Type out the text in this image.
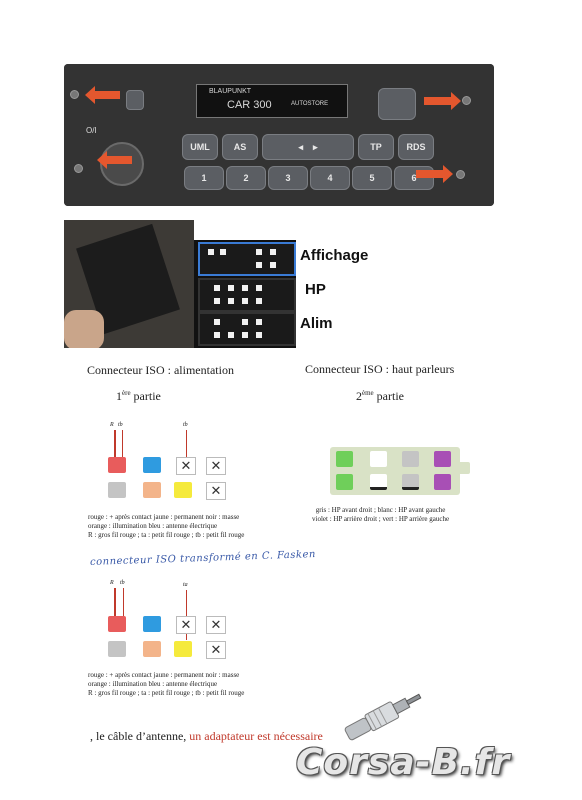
BLAUPUNKT
CAR 300	AUTOSTORE
O/I
UML	AS	◂    ▸	TP	RDS
1	2	3	4	5	6
Affichage
HP
Alim
Connecteur ISO : alimentation
1ère partie
Connecteur ISO : haut parleurs
2ème partie
R tb	tb
✕	✕
✕
rouge : + après contact jaune : permanent noir : masse
orange : illumination bleu : antenne électrique
R : gros fil rouge ; ta : petit fil rouge ; tb : petit fil rouge
gris : HP avant droit ; blanc : HP avant gauche
violet : HP arrière droit ; vert : HP arrière gauche
connecteur ISO transformé en C. Fasken
R tb	ta
✕	✕
✕
rouge : + après contact jaune : permanent noir : masse
orange : illumination bleu : antenne électrique
R : gros fil rouge ; ta : petit fil rouge ; tb : petit fil rouge
, le câble d’antenne, un adaptateur est nécessaire
Corsa-B.fr
